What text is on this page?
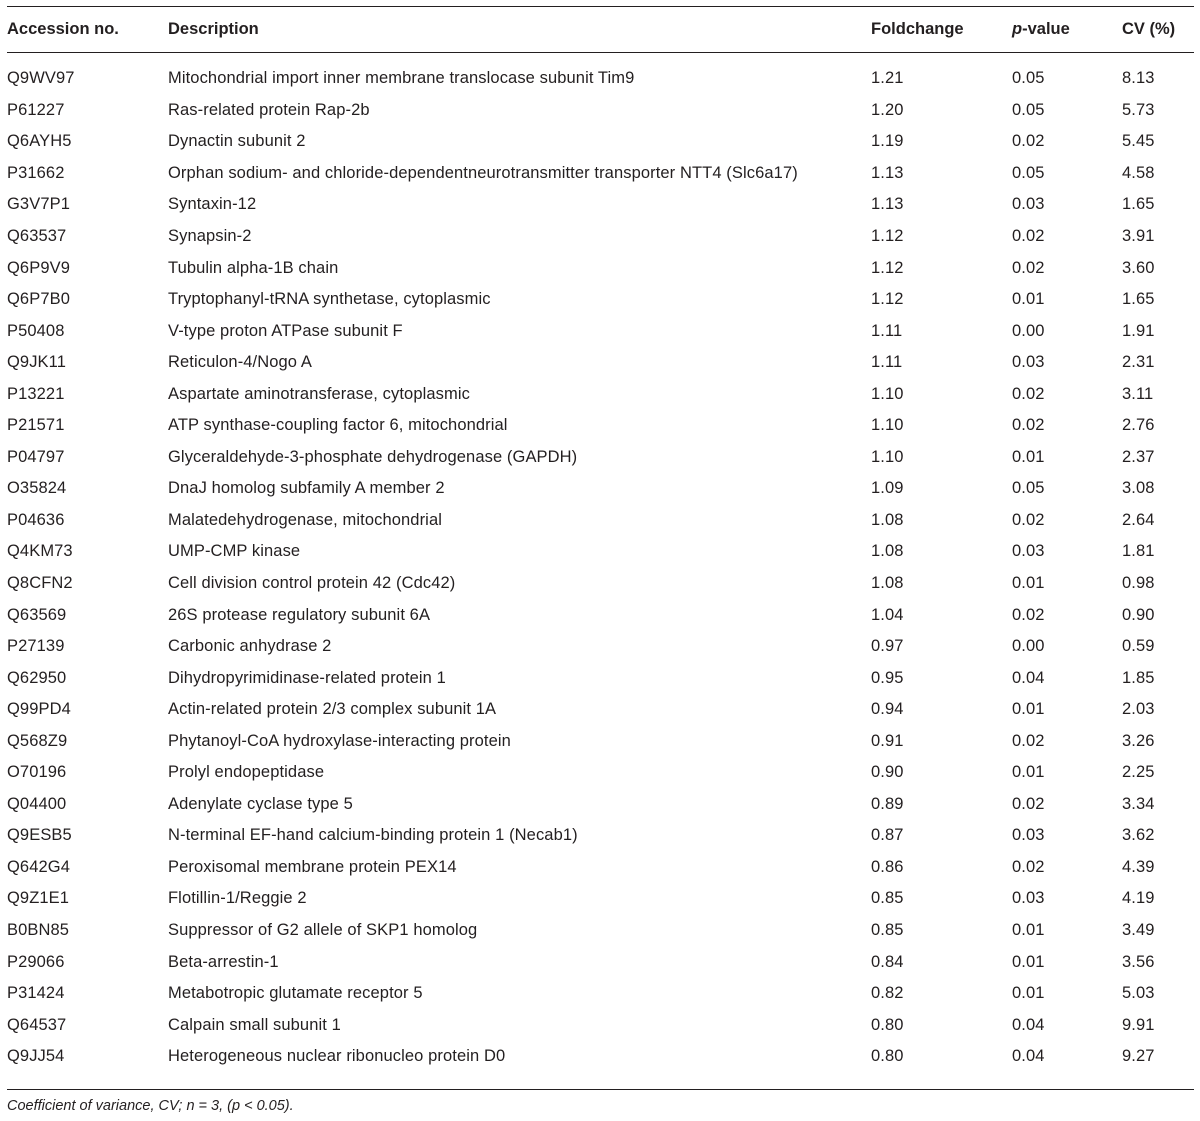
Accession no.	Description	Foldchange	p-value	CV (%)

Q9WV97	Mitochondrial import inner membrane translocase subunit Tim9	1.21	0.05	8.13
P61227	Ras-related protein Rap-2b	1.20	0.05	5.73
Q6AYH5	Dynactin subunit 2	1.19	0.02	5.45
P31662	Orphan sodium- and chloride-dependentneurotransmitter transporter NTT4 (Slc6a17)	1.13	0.05	4.58
G3V7P1	Syntaxin-12	1.13	0.03	1.65
Q63537	Synapsin-2	1.12	0.02	3.91
Q6P9V9	Tubulin alpha-1B chain	1.12	0.02	3.60
Q6P7B0	Tryptophanyl-tRNA synthetase, cytoplasmic	1.12	0.01	1.65
P50408	V-type proton ATPase subunit F	1.11	0.00	1.91
Q9JK11	Reticulon-4/Nogo A	1.11	0.03	2.31
P13221	Aspartate aminotransferase, cytoplasmic	1.10	0.02	3.11
P21571	ATP synthase-coupling factor 6, mitochondrial	1.10	0.02	2.76
P04797	Glyceraldehyde-3-phosphate dehydrogenase (GAPDH)	1.10	0.01	2.37
O35824	DnaJ homolog subfamily A member 2	1.09	0.05	3.08
P04636	Malatedehydrogenase, mitochondrial	1.08	0.02	2.64
Q4KM73	UMP-CMP kinase	1.08	0.03	1.81
Q8CFN2	Cell division control protein 42 (Cdc42)	1.08	0.01	0.98
Q63569	26S protease regulatory subunit 6A	1.04	0.02	0.90
P27139	Carbonic anhydrase 2	0.97	0.00	0.59
Q62950	Dihydropyrimidinase-related protein 1	0.95	0.04	1.85
Q99PD4	Actin-related protein 2/3 complex subunit 1A	0.94	0.01	2.03
Q568Z9	Phytanoyl-CoA hydroxylase-interacting protein	0.91	0.02	3.26
O70196	Prolyl endopeptidase	0.90	0.01	2.25
Q04400	Adenylate cyclase type 5	0.89	0.02	3.34
Q9ESB5	N-terminal EF-hand calcium-binding protein 1 (Necab1)	0.87	0.03	3.62
Q642G4	Peroxisomal membrane protein PEX14	0.86	0.02	4.39
Q9Z1E1	Flotillin-1/Reggie 2	0.85	0.03	4.19
B0BN85	Suppressor of G2 allele of SKP1 homolog	0.85	0.01	3.49
P29066	Beta-arrestin-1	0.84	0.01	3.56
P31424	Metabotropic glutamate receptor 5	0.82	0.01	5.03
Q64537	Calpain small subunit 1	0.80	0.04	9.91
Q9JJ54	Heterogeneous nuclear ribonucleo protein D0	0.80	0.04	9.27

Coefficient of variance, CV; n = 3, (p < 0.05).
